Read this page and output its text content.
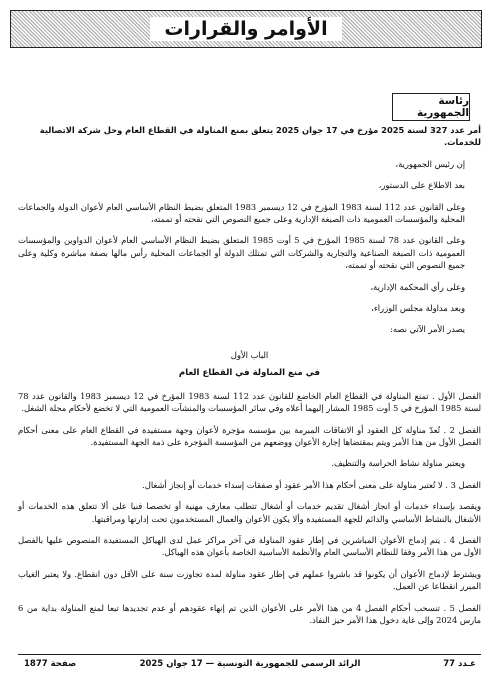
الأوامر والقرارات
رئاسة الجمهورية

أمر عدد 327 لسنة 2025 مؤرخ في 17 جوان 2025 يتعلق بمنع المناولة في القطاع العام وحل شركة الاتصالية للخدمات.

إن رئيس الجمهورية،

بعد الاطلاع على الدستور،

وعلى القانون عدد 112 لسنة 1983 المؤرخ في 12 ديسمبر 1983 المتعلق بضبط النظام الأساسي العام لأعوان الدولة والجماعات المحلية والمؤسسات العمومية ذات الصبغة الإدارية وعلى جميع النصوص التي نقحته أو تممته،

وعلى القانون عدد 78 لسنة 1985 المؤرخ في 5 أوت 1985 المتعلق بضبط النظام الأساسي العام لأعوان الدواوين والمؤسسات العمومية ذات الصبغة الصناعية والتجارية والشركات التي تمتلك الدولة أو الجماعات المحلية رأس مالها بصفة مباشرة وكلية وعلى جميع النصوص التي نقحته أو تممته،

وعلى رأي المحكمة الإدارية،

وبعد مداولة مجلس الوزراء،

يصدر الأمر الآتي نصه:

الباب الأول
في منع المناولة في القطاع العام

الفصل الأول . تمنع المناولة في القطاع العام الخاضع للقانون عدد 112 لسنة 1983 المؤرخ في 12 ديسمبر 1983 والقانون عدد 78 لسنة 1985 المؤرخ في 5 أوت 1985 المشار إليهما أعلاه وفي سائر المؤسسات والمنشآت العمومية التي لا تخضع لأحكام مجلة الشغل.

الفصل 2 . تُعدّ مناولة كل العقود أو الاتفاقات المبرمة بين مؤسسة مؤجرة لأعوان وجهة مستفيدة في القطاع العام على معنى أحكام الفصل الأول من هذا الأمر ويتم بمقتضاها إجارة الأعوان ووضعهم من المؤسسة المؤجرة على ذمة الجهة المستفيدة.

ويعتبر مناولة نشاط الحراسة والتنظيف.

الفصل 3 . لا تُعتبر مناولة على معنى أحكام هذا الأمر عقود أو صفقات إسداء خدمات أو إنجاز أشغال.

ويقصد بإسداء خدمات أو انجاز أشغال تقديم خدمات أو أشغال تتطلب معارف مهنية أو تخصصا فنيا على ألا تتعلق هذه الخدمات أو الأشغال بالنشاط الأساسي والدائم للجهة المستفيدة وألا يكون الأعوان والعمال المستخدمون تحت إدارتها ومراقبتها.

الفصل 4 . يتم إدماج الأعوان المباشرين في إطار عقود المناولة في آخر مراكز عمل لدى الهياكل المستفيدة المنصوص عليها بالفصل الأول من هذا الأمر وفقا للنظام الأساسي العام والأنظمة الأساسية الخاصة بأعوان هذه الهياكل.

ويشترط لإدماج الأعوان أن يكونوا قد باشروا عملهم في إطار عقود مناولة لمدة تجاوزت سنة على الأقل دون انقطاع. ولا يعتبر الغياب المبرر انقطاعا عن العمل.

الفصل 5 . تنسحب أحكام الفصل 4 من هذا الأمر على الأعوان الذين تم إنهاء عقودهم أو عدم تجديدها تبعا لمنع المناولة بداية من 6 مارس 2024 وإلى غاية دخول هذا الأمر حيز النفاذ.

عـدد 77
الرائد الرسمي للجمهورية التونسية — 17 جوان 2025
صفحة 1877
